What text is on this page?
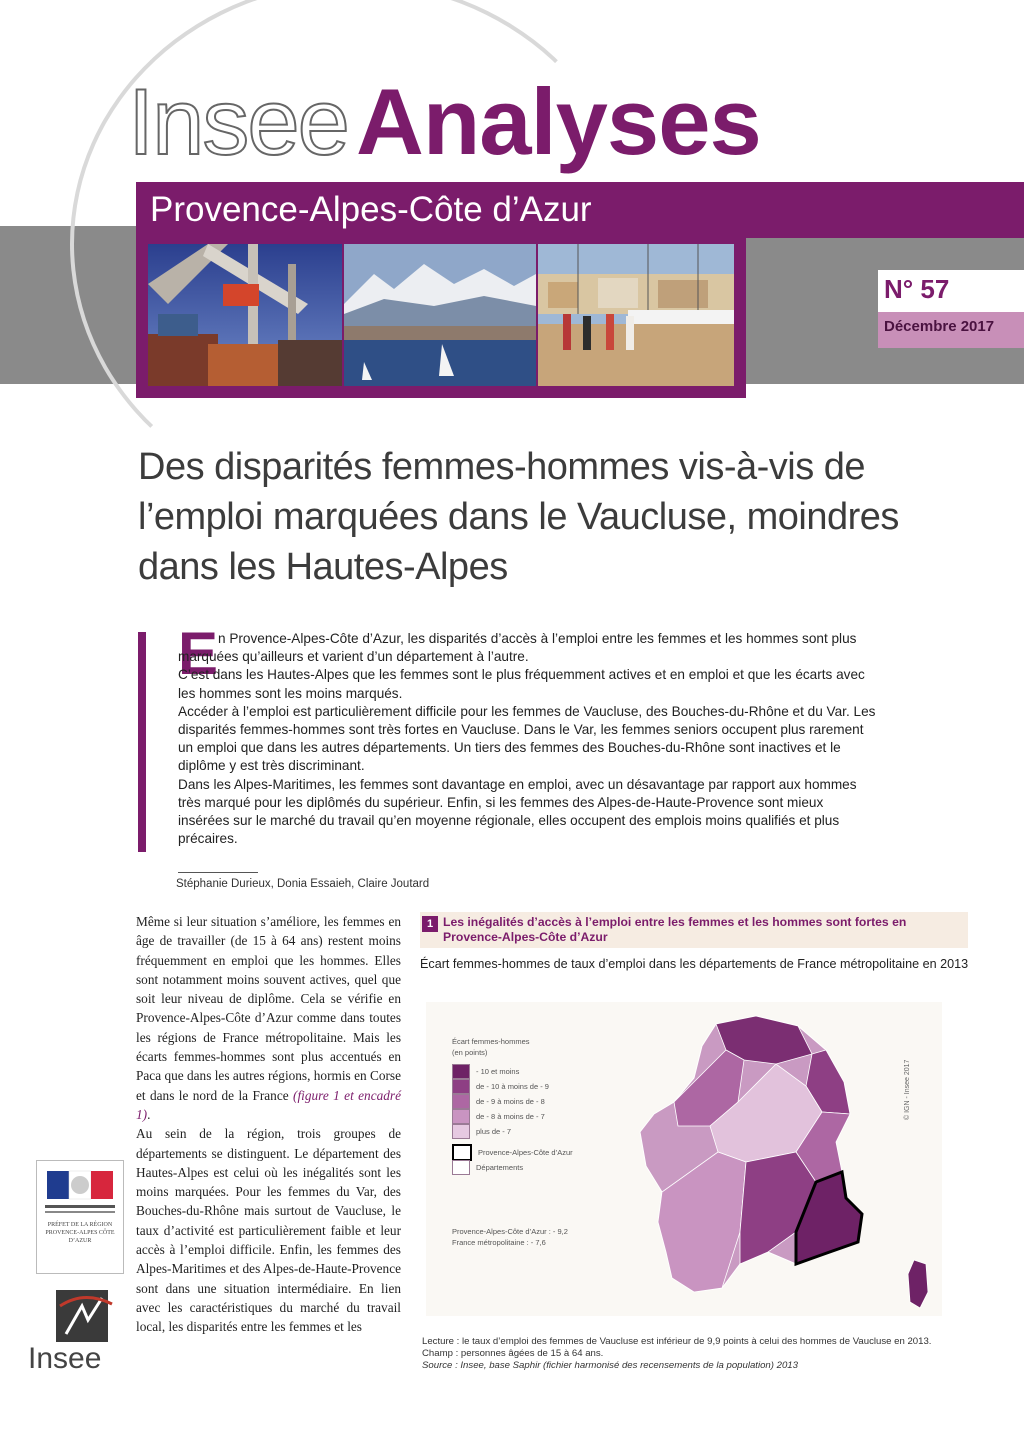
InseeAnalyses
Provence-Alpes-Côte d’Azur
N° 57
Décembre 2017
Des disparités femmes-hommes vis-à-vis de l’emploi marquées dans le Vaucluse, moindres dans les Hautes-Alpes
E n Provence-Alpes-Côte d’Azur, les disparités d’accès à l’emploi entre les femmes et les hommes sont plus marquées qu’ailleurs et varient d’un département à l’autre.

C’est dans les Hautes-Alpes que les femmes sont le plus fréquemment actives et en emploi et que les écarts avec les hommes sont les moins marqués.

Accéder à l’emploi est particulièrement difficile pour les femmes de Vaucluse, des Bouches-du-Rhône et du Var. Les disparités femmes-hommes sont très fortes en Vaucluse. Dans le Var, les femmes seniors occupent plus rarement un emploi que dans les autres départements. Un tiers des femmes des Bouches-du-Rhône sont inactives et le diplôme y est très discriminant.

Dans les Alpes-Maritimes, les femmes sont davantage en emploi, avec un désavantage par rapport aux hommes très marqué pour les diplômés du supérieur. Enfin, si les femmes des Alpes-de-Haute-Provence sont mieux insérées sur le marché du travail qu’en moyenne régionale, elles occupent des emplois moins qualifiés et plus précaires.

Stéphanie Durieux, Donia Essaieh, Claire Joutard

Même si leur situation s’améliore, les femmes en âge de travailler (de 15 à 64 ans) restent moins fréquemment en emploi que les hommes. Elles sont notamment moins souvent actives, quel que soit leur niveau de diplôme. Cela se vérifie en Provence-Alpes-Côte d’Azur comme dans toutes les régions de France métropolitaine. Mais les écarts femmes-hommes sont plus accentués en Paca que dans les autres régions, hormis en Corse et dans le nord de la France (figure 1 et encadré 1).

Au sein de la région, trois groupes de départements se distinguent. Le département des Hautes-Alpes est celui où les inégalités sont les moins marquées. Pour les femmes du Var, des Bouches-du-Rhône mais surtout de Vaucluse, le taux d’activité est particulièrement faible et leur accès à l’emploi difficile. Enfin, les femmes des Alpes-Maritimes et des Alpes-de-Haute-Provence sont dans une situation intermédiaire. En lien avec les caractéristiques du marché du travail local, les disparités entre les femmes et les

PRÉFET DE LA RÉGION PROVENCE-ALPES CÔTE D’AZUR
Insee
1 Les inégalités d’accès à l’emploi entre les femmes et les hommes sont fortes en Provence-Alpes-Côte d’Azur
Écart femmes-hommes de taux d’emploi dans les départements de France métropolitaine en 2013
Écart femmes-hommes
(en points)
- 10 et moins
de - 10 à moins de - 9
de - 9 à moins de - 8
de - 8 à moins de - 7
plus de - 7
Provence-Alpes-Côte d’Azur
Départements
Provence-Alpes-Côte d’Azur : - 9,2
France métropolitaine : - 7,6
© IGN - Insee 2017
Lecture : le taux d’emploi des femmes de Vaucluse est inférieur de 9,9 points à celui des hommes de Vaucluse en 2013.
Champ : personnes âgées de 15 à 64 ans.
Source : Insee, base Saphir (fichier harmonisé des recensements de la population) 2013
